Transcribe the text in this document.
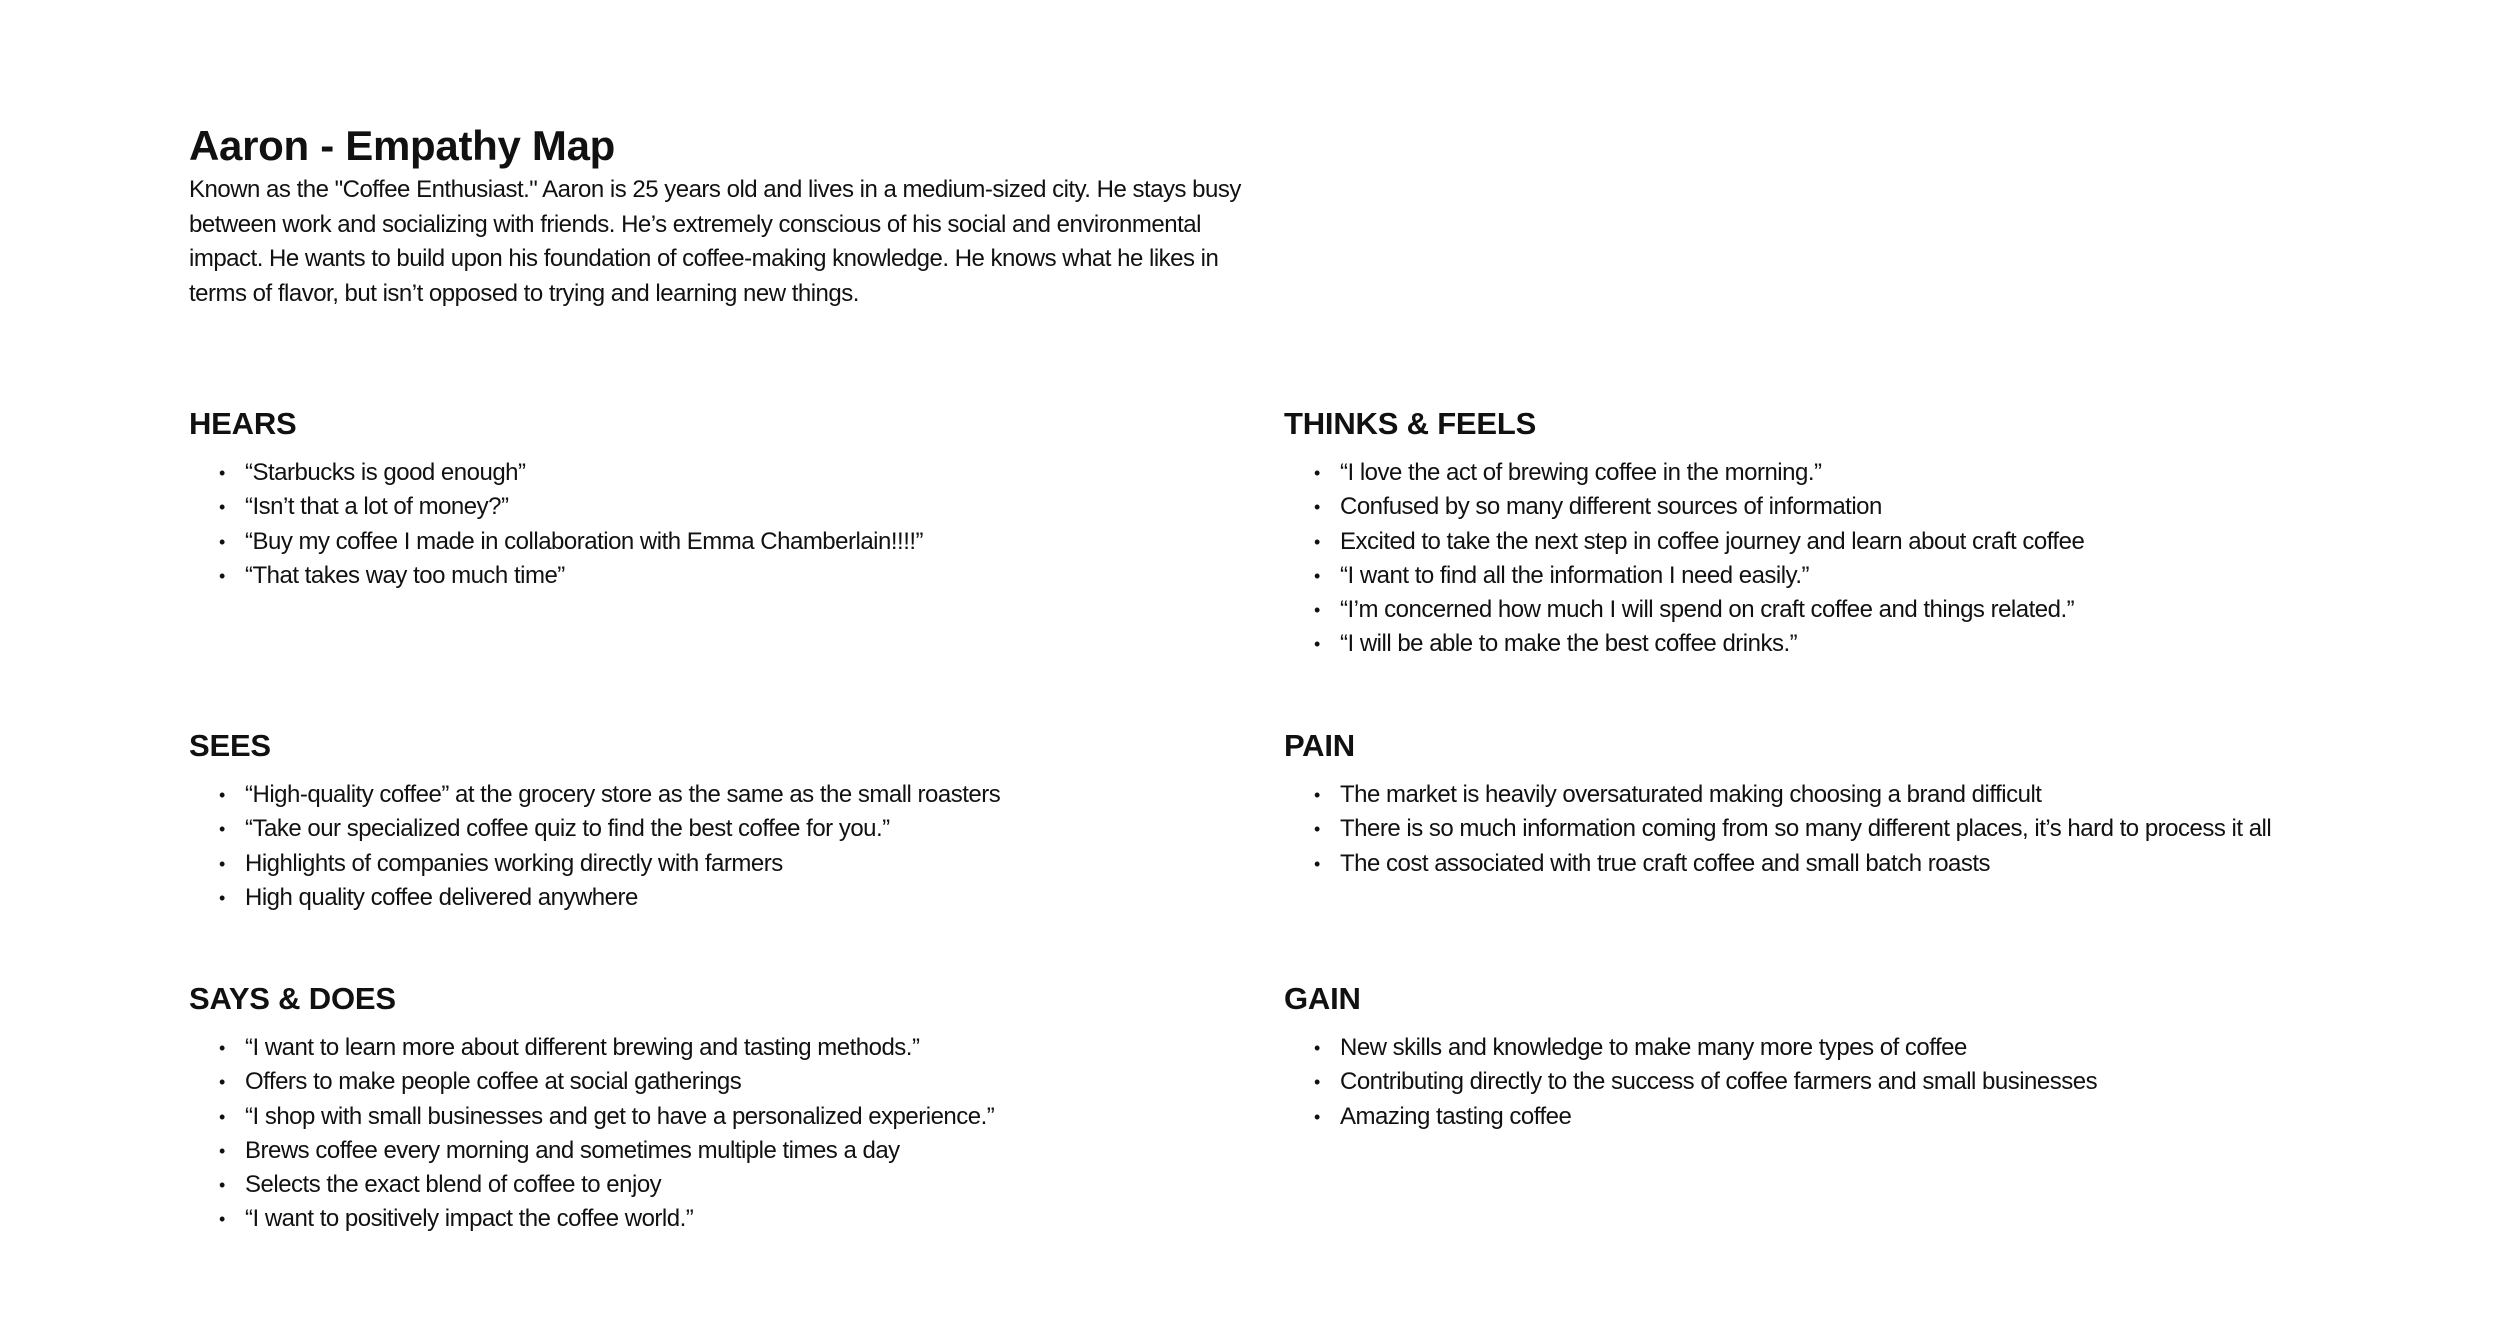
Aaron - Empathy Map

Known as the "Coffee Enthusiast." Aaron is 25 years old and lives in a medium-sized city. He stays busy between work and socializing with friends. He’s extremely conscious of his social and environmental impact. He wants to build upon his foundation of coffee-making knowledge. He knows what he likes in terms of flavor, but isn’t opposed to trying and learning new things.

HEARS
• “Starbucks is good enough”
• “Isn’t that a lot of money?”
• “Buy my coffee I made in collaboration with Emma Chamberlain!!!!”
• “That takes way too much time”
THINKS & FEELS
• “I love the act of brewing coffee in the morning.”
• Confused by so many different sources of information
• Excited to take the next step in coffee journey and learn about craft coffee
• “I want to find all the information I need easily.”
• “I’m concerned how much I will spend on craft coffee and things related.”
• “I will be able to make the best coffee drinks.”
SEES
• “High-quality coffee” at the grocery store as the same as the small roasters
• “Take our specialized coffee quiz to find the best coffee for you.”
• Highlights of companies working directly with farmers
• High quality coffee delivered anywhere
PAIN
• The market is heavily oversaturated making choosing a brand difficult
• There is so much information coming from so many different places, it’s hard to process it all
• The cost associated with true craft coffee and small batch roasts
SAYS & DOES
• “I want to learn more about different brewing and tasting methods.”
• Offers to make people coffee at social gatherings
• “I shop with small businesses and get to have a personalized experience.”
• Brews coffee every morning and sometimes multiple times a day
• Selects the exact blend of coffee to enjoy
• “I want to positively impact the coffee world.”
GAIN
• New skills and knowledge to make many more types of coffee
• Contributing directly to the success of coffee farmers and small businesses
• Amazing tasting coffee
